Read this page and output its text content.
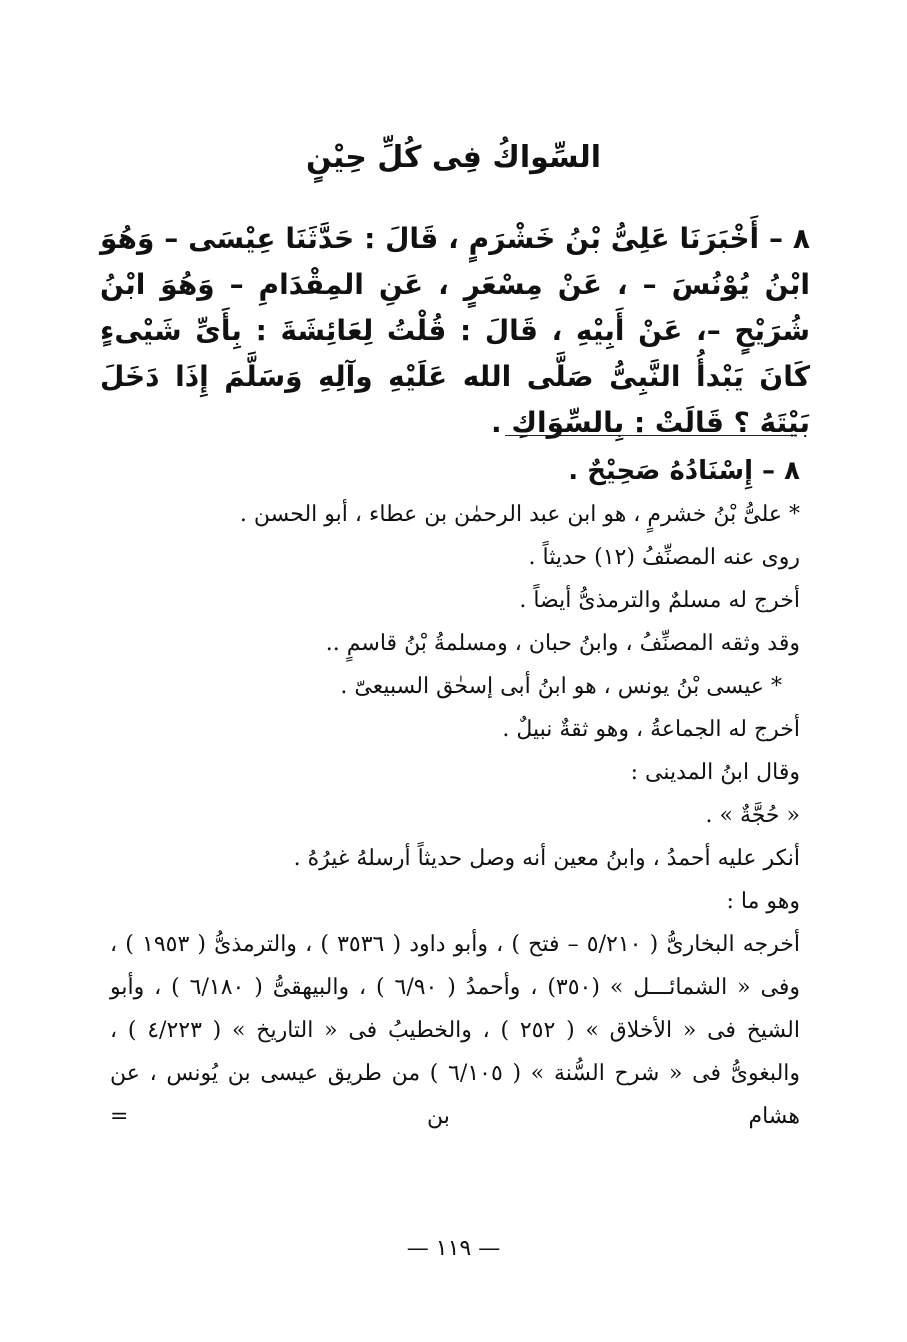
السِّواكُ فِى كُلِّ حِيْنٍ
٨ – أَخْبَرَنَا عَلِىُّ بْنُ خَشْرَمٍ ، قَالَ : حَدَّثَنَا عِيْسَى – وَهُوَ ابْنُ يُوْنُسَ – ، عَنْ مِسْعَرٍ ، عَنِ المِقْدَامِ – وَهُوَ ابْنُ شُرَيْحٍ –، عَنْ أَبِيْهِ ، قَالَ : قُلْتُ لِعَائِشَةَ : بِأَىِّ شَيْىءٍ كَانَ يَبْدأُ النَّبِىُّ صَلَّى الله عَلَيْهِ وآلِهِ وَسَلَّمَ إِذَا دَخَلَ بَيْتَهُ ؟ قَالَتْ : بِالسِّوَاكِ .
٨ – إِسْنَادُهُ صَحِيْحٌ .
* علىُّ بْنُ خشرمٍ ، هو ابن عبد الرحمٰن بن عطاء ، أبو الحسن .
روى عنه المصنِّفُ (١٢) حديثاً .
أخرج له مسلمٌ والترمذىُّ أيضاً .
وقد وثقه المصنِّفُ ، وابنُ حبان ، ومسلمةُ بْنُ قاسمٍ ..
* عيسى بْنُ يونس ، هو ابنُ أبى إسحٰق السبيعىّ .
أخرج له الجماعةُ ، وهو ثقةٌ نبيلٌ .
وقال ابنُ المدينى :
« حُجَّةٌ » .
أنكر عليه أحمدُ ، وابنُ معين أنه وصل حديثاً أرسلهُ غيرُهُ .
وهو ما :
أخرجه البخارىُّ ( ٥/٢١٠ – فتح ) ، وأبو داود ( ٣٥٣٦ ) ، والترمذىُّ ( ١٩٥٣ ) ، وفى « الشمائـــل » (٣٥٠) ، وأحمدُ ( ٦/٩٠ ) ، والبيهقىُّ ( ٦/١٨٠ ) ، وأبو الشيخ فى « الأخلاق » ( ٢٥٢ ) ، والخطيبُ فى « التاريخ » ( ٤/٢٢٣ ) ، والبغوىُّ فى « شرح السُّنة » ( ٦/١٠٥ ) من طريق عيسى بن يُونس ، عن هشام بن =
— ١١٩ —
